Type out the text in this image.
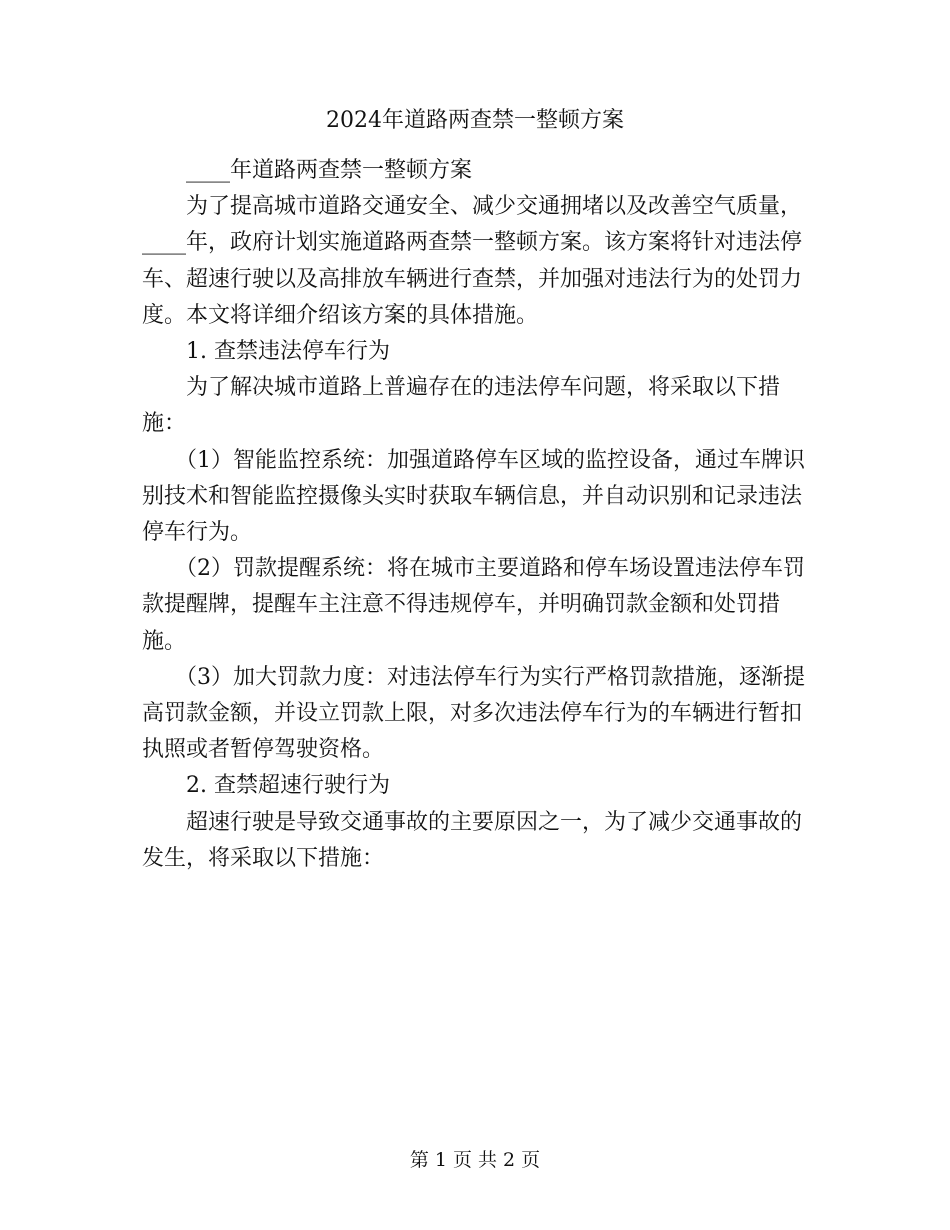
2024年道路两查禁一整顿方案

____年道路两查禁一整顿方案

为了提高城市道路交通安全、减少交通拥堵以及改善空气质量，____年，政府计划实施道路两查禁一整顿方案。该方案将针对违法停车、超速行驶以及高排放车辆进行查禁，并加强对违法行为的处罚力度。本文将详细介绍该方案的具体措施。

1. 查禁违法停车行为

为了解决城市道路上普遍存在的违法停车问题，将采取以下措施：

（1）智能监控系统：加强道路停车区域的监控设备，通过车牌识别技术和智能监控摄像头实时获取车辆信息，并自动识别和记录违法停车行为。

（2）罚款提醒系统：将在城市主要道路和停车场设置违法停车罚款提醒牌，提醒车主注意不得违规停车，并明确罚款金额和处罚措施。

（3）加大罚款力度：对违法停车行为实行严格罚款措施，逐渐提高罚款金额，并设立罚款上限，对多次违法停车行为的车辆进行暂扣执照或者暂停驾驶资格。

2. 查禁超速行驶行为

超速行驶是导致交通事故的主要原因之一，为了减少交通事故的发生，将采取以下措施：

第 1 页 共 2 页
